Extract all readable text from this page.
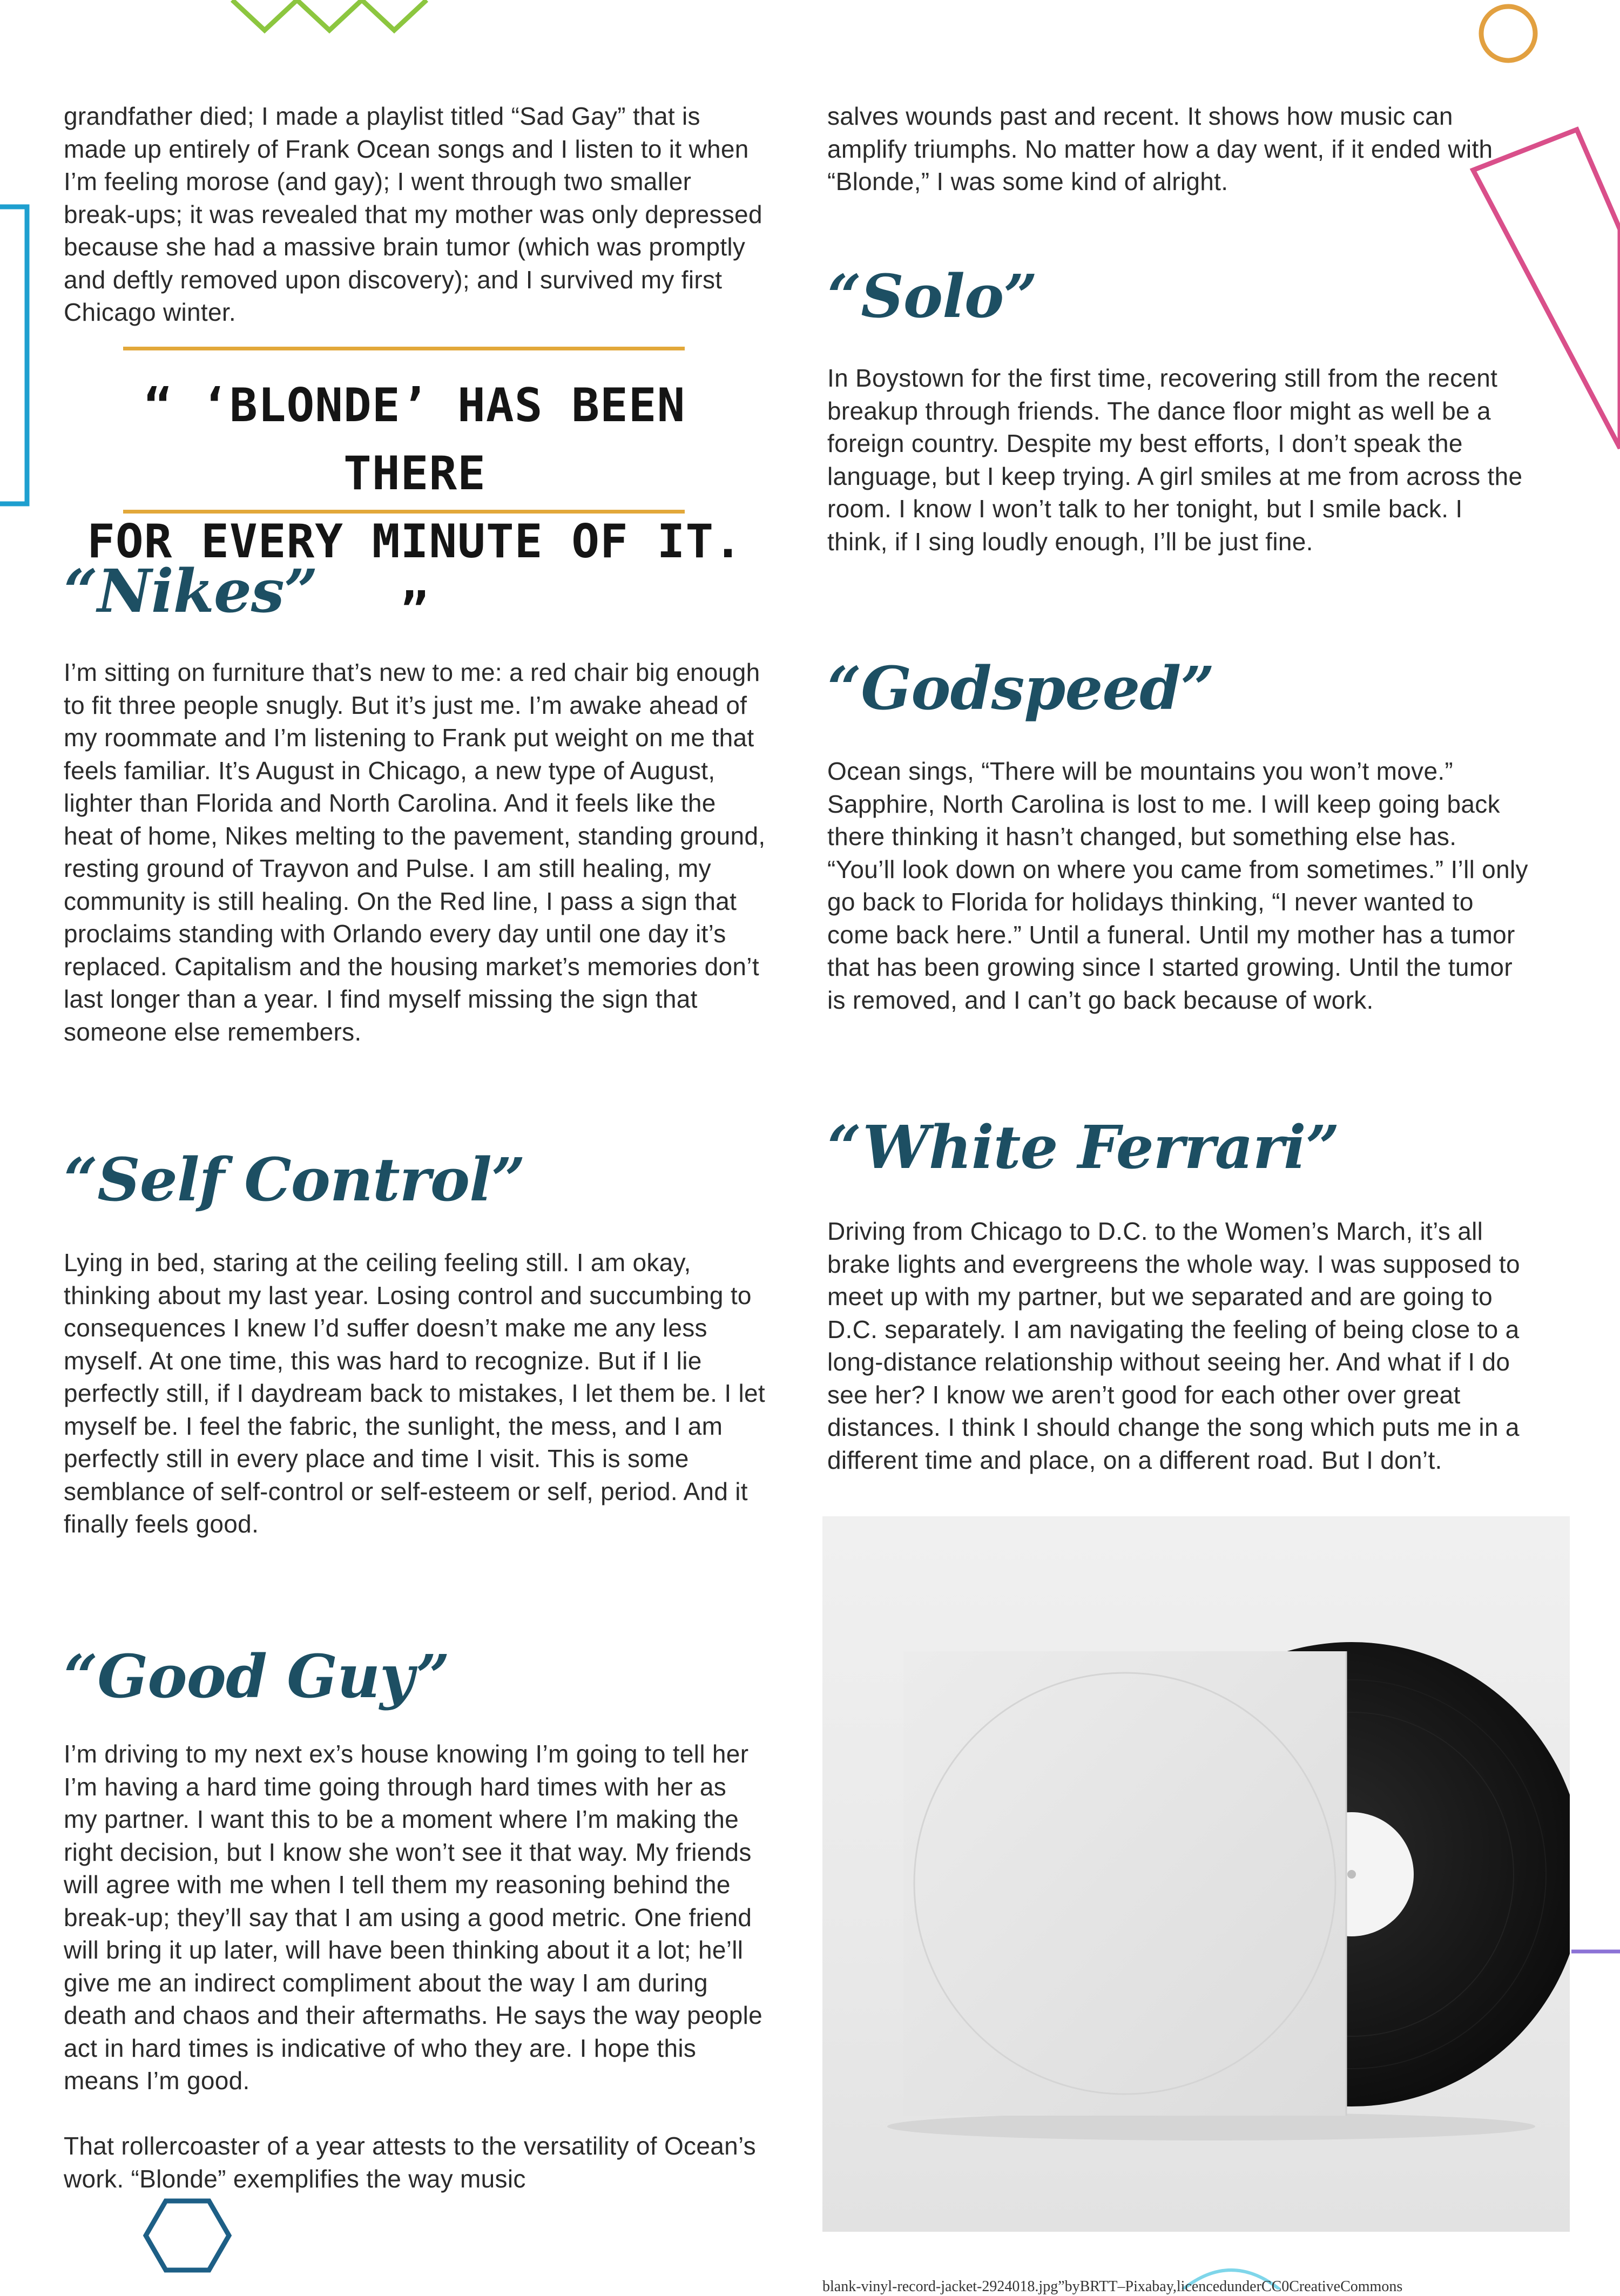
grandfather died; I made a playlist titled “Sad Gay” that is made up entirely of Frank Ocean songs and I listen to it when I’m feeling morose (and gay); I went through two smaller break-ups; it was revealed that my mother was only depressed because she had a massive brain tumor (which was promptly and deftly removed upon discovery); and I survived my first Chicago winter.

“ ‘BLONDE’ HAS BEEN THERE
FOR EVERY MINUTE OF IT. ”
“Nikes”

I’m sitting on furniture that’s new to me: a red chair big enough to fit three people snugly. But it’s just me. I’m awake ahead of my roommate and I’m listening to Frank put weight on me that feels familiar. It’s August in Chicago, a new type of August, lighter than Florida and North Carolina. And it feels like the heat of home, Nikes melting to the pavement, standing ground, resting ground of Trayvon and Pulse. I am still healing, my community is still healing. On the Red line, I pass a sign that proclaims standing with Orlando every day until one day it’s replaced. Capitalism and the housing market’s memories don’t last longer than a year. I find myself missing the sign that someone else remembers.

“Self Control”

Lying in bed, staring at the ceiling feeling still. I am okay, thinking about my last year. Losing control and succumbing to consequences I knew I’d suffer doesn’t make me any less myself. At one time, this was hard to recognize. But if I lie perfectly still, if I daydream back to mistakes, I let them be. I let myself be. I feel the fabric, the sunlight, the mess, and I am perfectly still in every place and time I visit. This is some semblance of self-control or self-esteem or self, period. And it finally feels good.

“Good Guy”

I’m driving to my next ex’s house knowing I’m going to tell her I’m having a hard time going through hard times with her as my partner. I want this to be a moment where I’m making the right decision, but I know she won’t see it that way. My friends will agree with me when I tell them my reasoning behind the break-up; they’ll say that I am using a good metric. One friend will bring it up later, will have been thinking about it a lot; he’ll give me an indirect compliment about the way I am during death and chaos and their aftermaths. He says the way people act in hard times is indicative of who they are. I hope this means I’m good.

That rollercoaster of a year attests to the versatility of Ocean’s work. “Blonde” exemplifies the way music

salves wounds past and recent. It shows how music can amplify triumphs. No matter how a day went, if it ended with “Blonde,” I was some kind of alright.

“Solo”

In Boystown for the first time, recovering still from the recent breakup through friends. The dance floor might as well be a foreign country. Despite my best efforts, I don’t speak the language, but I keep trying. A girl smiles at me from across the room. I know I won’t talk to her tonight, but I smile back. I think, if I sing loudly enough, I’ll be just fine.

“Godspeed”

Ocean sings, “There will be mountains you won’t move.” Sapphire, North Carolina is lost to me. I will keep going back there thinking it hasn’t changed, but something else has. “You’ll look down on where you came from sometimes.” I’ll only go back to Florida for holidays thinking, “I never wanted to come back here.” Until a funeral. Until my mother has a tumor that has been growing since I started growing. Until the tumor is removed, and I can’t go back because of work.

“White Ferrari”

Driving from Chicago to D.C. to the Women’s March, it’s all brake lights and evergreens the whole way. I was supposed to meet up with my partner, but we separated and are going to D.C. separately. I am navigating the feeling of being close to a long-distance relationship without seeing her. And what if I do see her? I know we aren’t good for each other over great distances. I think I should change the song which puts me in a different time and place, on a different road. But I don’t.

blank-vinyl-record-jacket-2924018.jpg”byBRTT–Pixabay,licencedunderCC0CreativeCommons
